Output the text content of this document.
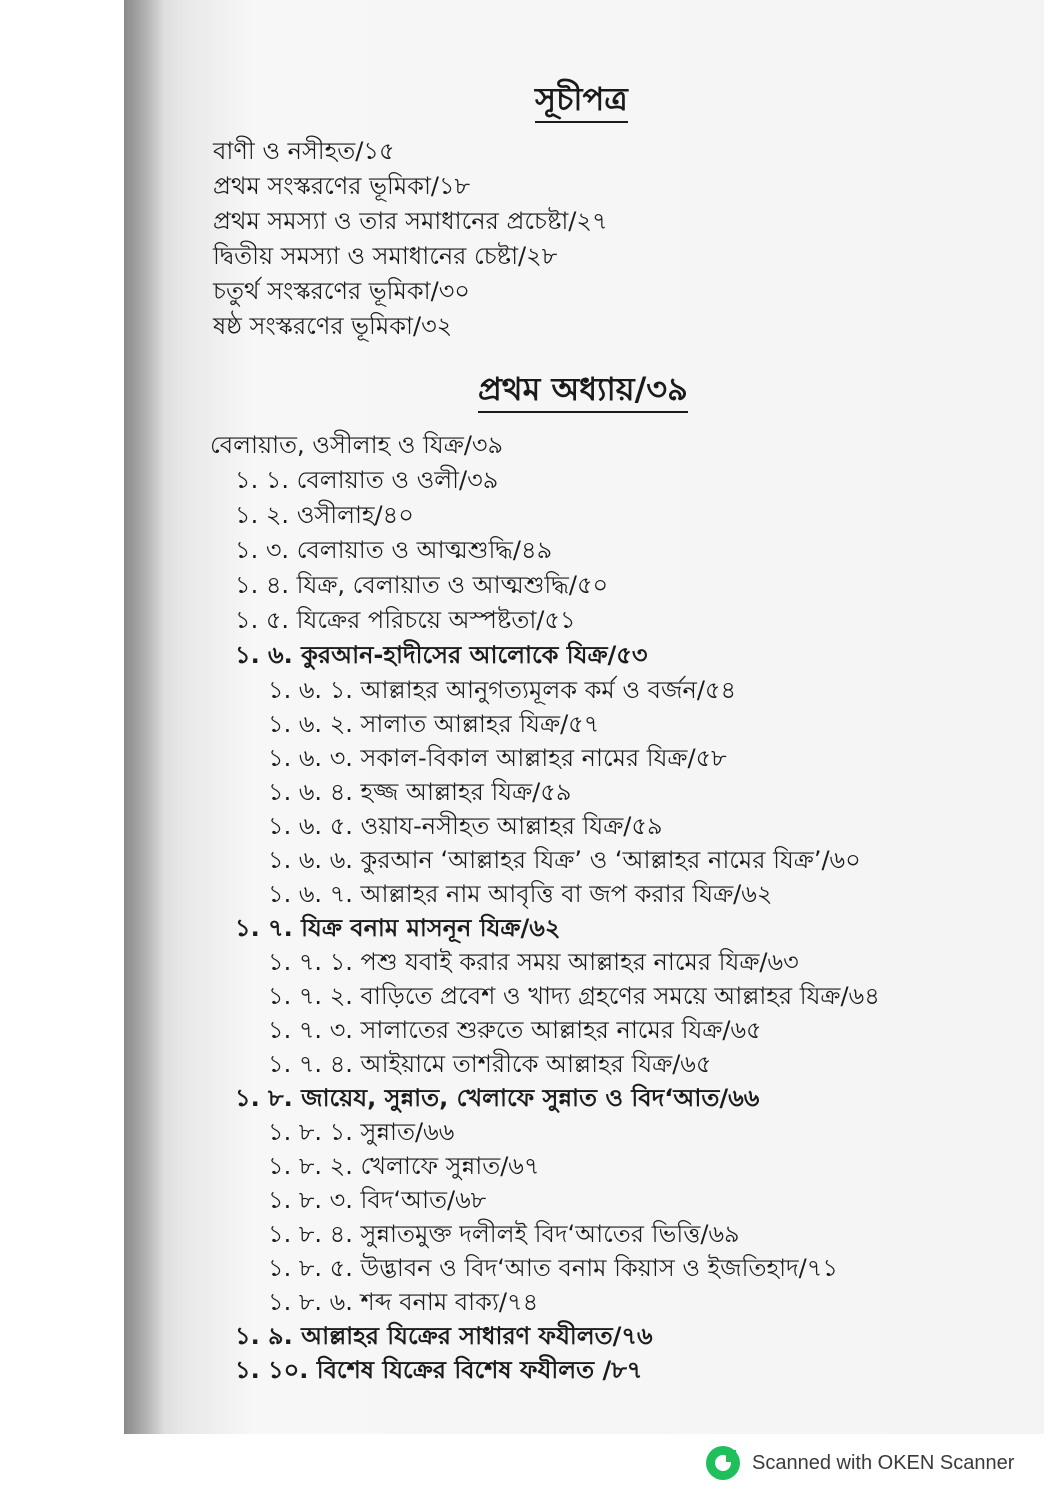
সূচীপত্র
বাণী ও নসীহত/১৫
প্রথম সংস্করণের ভূমিকা/১৮
প্রথম সমস্যা ও তার সমাধানের প্রচেষ্টা/২৭
দ্বিতীয় সমস্যা ও সমাধানের চেষ্টা/২৮
চতুর্থ সংস্করণের ভূমিকা/৩০
ষষ্ঠ সংস্করণের ভূমিকা/৩২
প্রথম অধ্যায়/৩৯
বেলায়াত, ওসীলাহ ও যিক্র/৩৯
১. ১. বেলায়াত ও ওলী/৩৯
১. ২. ওসীলাহ/৪০
১. ৩. বেলায়াত ও আত্মশুদ্ধি/৪৯
১. ৪. যিক্র, বেলায়াত ও আত্মশুদ্ধি/৫০
১. ৫. যিক্রের পরিচয়ে অস্পষ্টতা/৫১
১. ৬. কুরআন-হাদীসের আলোকে যিক্র/৫৩
১. ৬. ১. আল্লাহর আনুগত্যমূলক কর্ম ও বর্জন/৫৪
১. ৬. ২. সালাত আল্লাহর যিক্র/৫৭
১. ৬. ৩. সকাল-বিকাল আল্লাহর নামের যিক্র/৫৮
১. ৬. ৪. হজ্জ আল্লাহর যিক্র/৫৯
১. ৬. ৫. ওয়ায-নসীহত আল্লাহর যিক্র/৫৯
১. ৬. ৬. কুরআন ‘আল্লাহর যিক্র’ ও ‘আল্লাহর নামের যিক্র’/৬০
১. ৬. ৭. আল্লাহর নাম আবৃত্তি বা জপ করার যিক্র/৬২
১. ৭. যিক্র বনাম মাসনূন যিক্র/৬২
১. ৭. ১. পশু যবাই করার সময় আল্লাহর নামের যিক্র/৬৩
১. ৭. ২. বাড়িতে প্রবেশ ও খাদ্য গ্রহণের সময়ে আল্লাহর যিক্র/৬৪
১. ৭. ৩. সালাতের শুরুতে আল্লাহর নামের যিক্র/৬৫
১. ৭. ৪. আইয়ামে তাশরীকে আল্লাহর যিক্র/৬৫
১. ৮. জায়েয, সুন্নাত, খেলাফে সুন্নাত ও বিদ‘আত/৬৬
১. ৮. ১. সুন্নাত/৬৬
১. ৮. ২. খেলাফে সুন্নাত/৬৭
১. ৮. ৩. বিদ‘আত/৬৮
১. ৮. ৪. সুন্নাতমুক্ত দলীলই বিদ‘আতের ভিত্তি/৬৯
১. ৮. ৫. উদ্ভাবন ও বিদ‘আত বনাম কিয়াস ও ইজতিহাদ/৭১
১. ৮. ৬. শব্দ বনাম বাক্য/৭৪
১. ৯. আল্লাহর যিক্রের সাধারণ ফযীলত/৭৬
১. ১০. বিশেষ যিক্রের বিশেষ ফযীলত /৮৭
Scanned with OKEN Scanner
